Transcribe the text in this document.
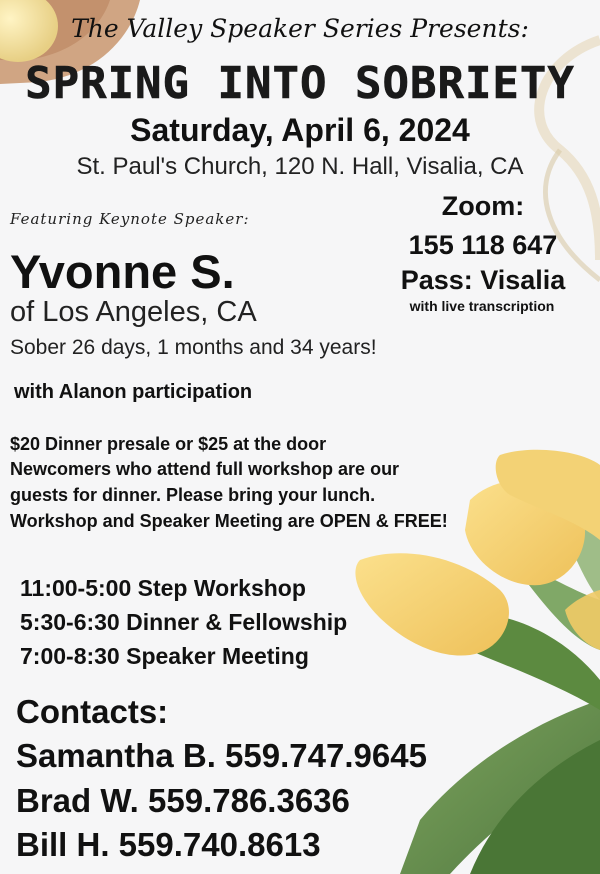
The Valley Speaker Series Presents:
SPRING INTO SOBRIETY
Saturday, April 6, 2024
St. Paul's Church, 120 N. Hall, Visalia, CA
Featuring Keynote Speaker:
Yvonne S.
of Los Angeles, CA
Sober 26 days, 1 months and 34 years!
Zoom:
155 118 647
Pass: Visalia
with live transcription
with Alanon participation
$20 Dinner presale or $25 at the door
Newcomers who attend full workshop are our
guests for dinner. Please bring your lunch.
Workshop and Speaker Meeting are OPEN & FREE!
11:00-5:00 Step Workshop
5:30-6:30 Dinner & Fellowship
7:00-8:30 Speaker Meeting
Contacts:
Samantha B. 559.747.9645
Brad W. 559.786.3636
Bill H. 559.740.8613
